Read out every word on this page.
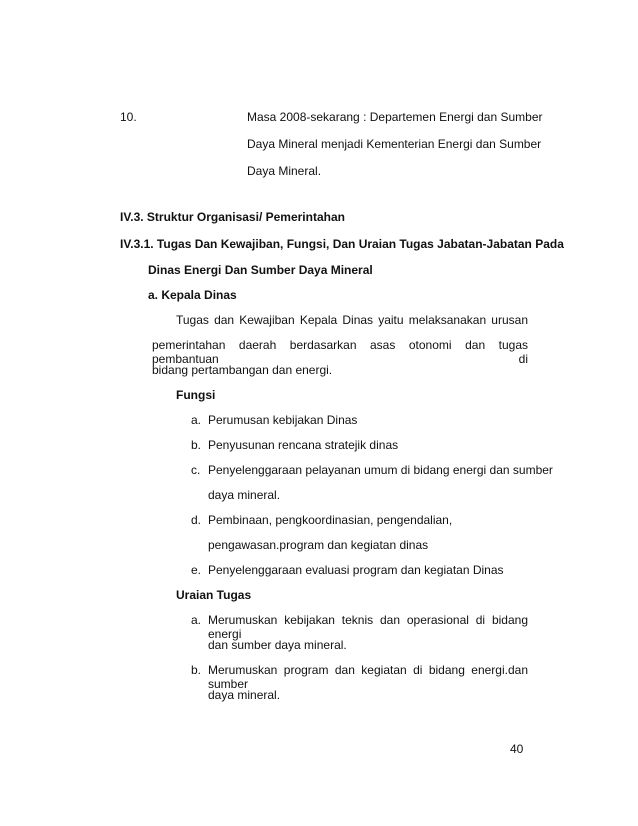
10.	Masa 2008-sekarang : Departemen Energi dan Sumber
Daya Mineral menjadi Kementerian Energi dan Sumber
Daya Mineral.
IV.3. Struktur Organisasi/ Pemerintahan
IV.3.1. Tugas Dan Kewajiban, Fungsi, Dan Uraian Tugas Jabatan-Jabatan Pada
Dinas Energi Dan Sumber Daya Mineral
a. Kepala Dinas
Tugas dan Kewajiban Kepala Dinas yaitu melaksanakan urusan
pemerintahan daerah berdasarkan asas otonomi dan tugas pembantuan di
bidang pertambangan dan energi.
Fungsi
a. Perumusan kebijakan Dinas
b. Penyusunan rencana stratejik dinas
c. Penyelenggaraan pelayanan umum di bidang energi dan sumber
daya mineral.
d. Pembinaan, pengkoordinasian, pengendalian,
pengawasan.program dan kegiatan dinas
e. Penyelenggaraan evaluasi program dan kegiatan Dinas
Uraian Tugas
a. Merumuskan kebijakan teknis dan operasional di bidang energi
dan sumber daya mineral.
b. Merumuskan program dan kegiatan di bidang energi.dan sumber
daya mineral.
40
